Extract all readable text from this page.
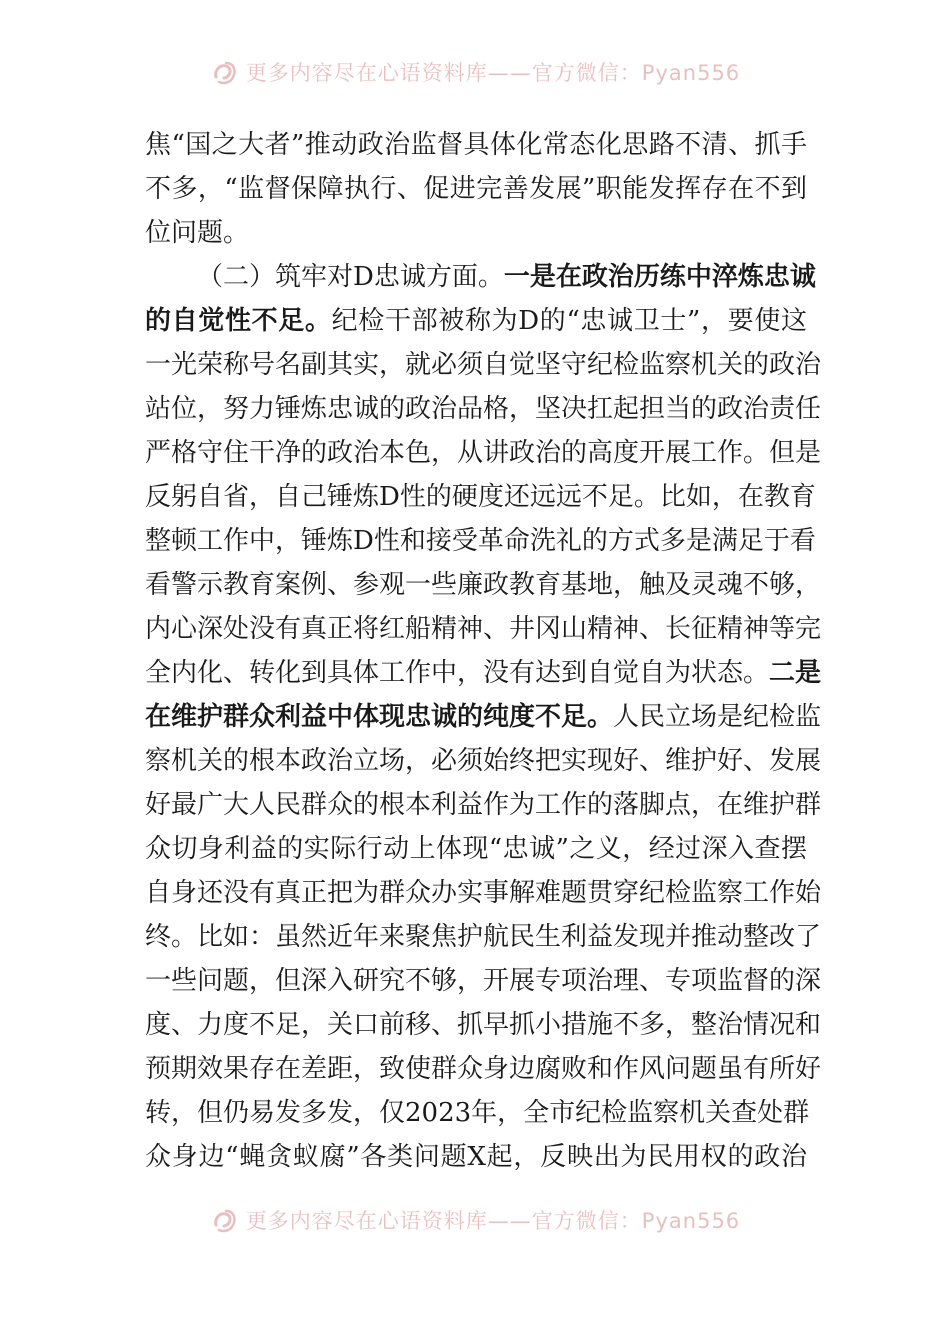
更多内容尽在心语资料库——官方微信：Pyan556
焦“国之大者”推动政治监督具体化常态化思路不清、抓手
不多，“监督保障执行、促进完善发展”职能发挥存在不到
位问题。
（二）筑牢对D忠诚方面。一是在政治历练中淬炼忠诚
的自觉性不足。纪检干部被称为D的“忠诚卫士”，要使这
一光荣称号名副其实，就必须自觉坚守纪检监察机关的政治
站位，努力锤炼忠诚的政治品格，坚决扛起担当的政治责任
严格守住干净的政治本色，从讲政治的高度开展工作。但是
反躬自省，自己锤炼D性的硬度还远远不足。比如，在教育
整顿工作中，锤炼D性和接受革命洗礼的方式多是满足于看
看警示教育案例、参观一些廉政教育基地，触及灵魂不够，
内心深处没有真正将红船精神、井冈山精神、长征精神等完
全内化、转化到具体工作中，没有达到自觉自为状态。二是
在维护群众利益中体现忠诚的纯度不足。人民立场是纪检监
察机关的根本政治立场，必须始终把实现好、维护好、发展
好最广大人民群众的根本利益作为工作的落脚点，在维护群
众切身利益的实际行动上体现“忠诚”之义，经过深入查摆
自身还没有真正把为群众办实事解难题贯穿纪检监察工作始
终。比如：虽然近年来聚焦护航民生利益发现并推动整改了
一些问题，但深入研究不够，开展专项治理、专项监督的深
度、力度不足，关口前移、抓早抓小措施不多，整治情况和
预期效果存在差距，致使群众身边腐败和作风问题虽有所好
转，但仍易发多发，仅2023年，全市纪检监察机关查处群
众身边“蝇贪蚁腐”各类问题X起，反映出为民用权的政治
更多内容尽在心语资料库——官方微信：Pyan556
